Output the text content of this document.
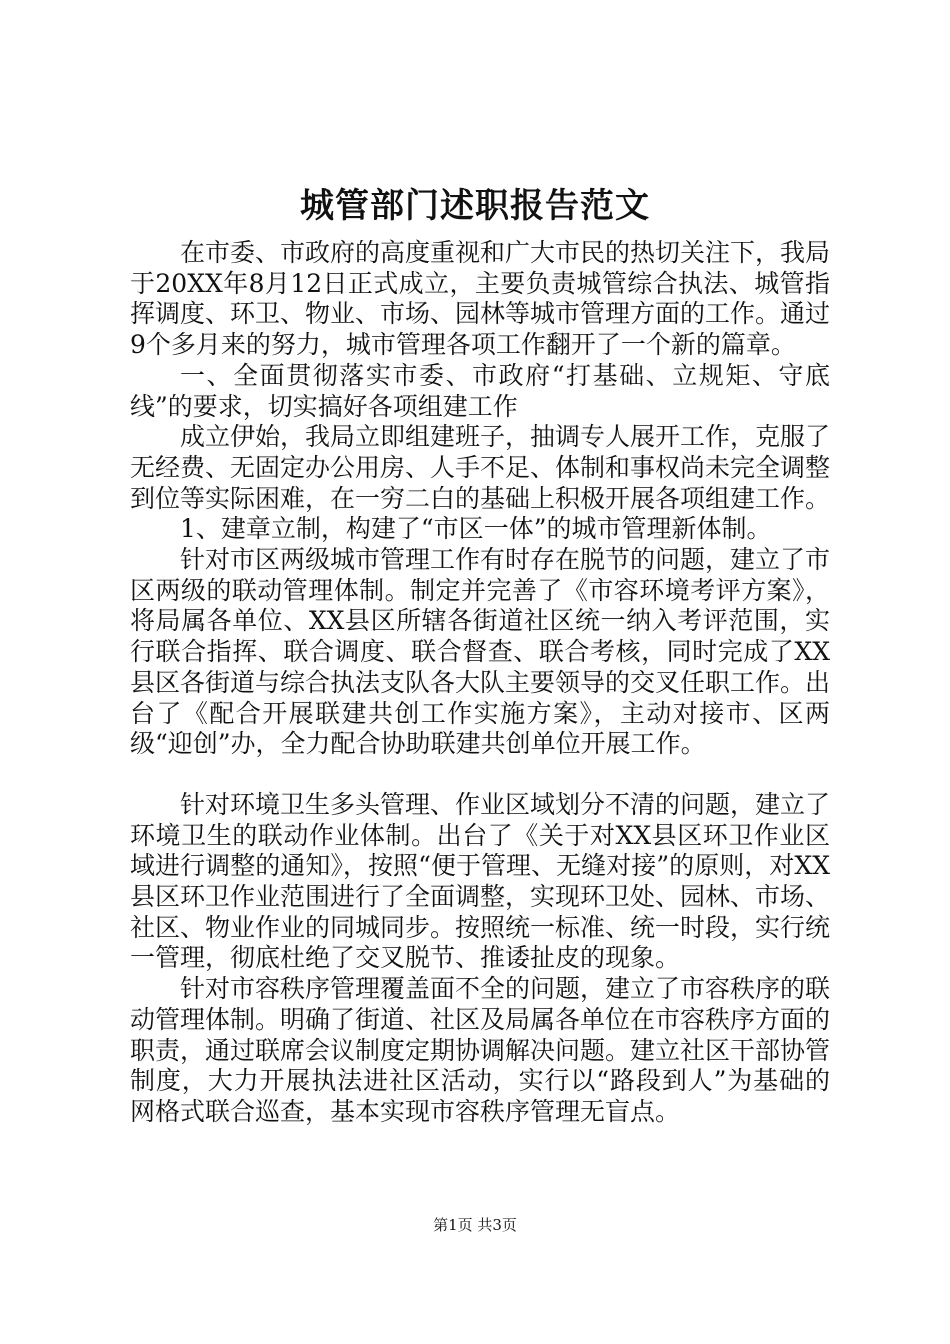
城管部门述职报告范文

在市委、市政府的高度重视和广大市民的热切关注下，我局于20XX年8月12日正式成立，主要负责城管综合执法、城管指挥调度、环卫、物业、市场、园林等城市管理方面的工作。通过9个多月来的努力，城市管理各项工作翻开了一个新的篇章。

一、全面贯彻落实市委、市政府“打基础、立规矩、守底线”的要求，切实搞好各项组建工作

成立伊始，我局立即组建班子，抽调专人展开工作，克服了无经费、无固定办公用房、人手不足、体制和事权尚未完全调整到位等实际困难，在一穷二白的基础上积极开展各项组建工作。

1、建章立制，构建了“市区一体”的城市管理新体制。

针对市区两级城市管理工作有时存在脱节的问题，建立了市区两级的联动管理体制。制定并完善了《市容环境考评方案》，将局属各单位、XX县区所辖各街道社区统一纳入考评范围，实行联合指挥、联合调度、联合督查、联合考核，同时完成了XX县区各街道与综合执法支队各大队主要领导的交叉任职工作。出台了《配合开展联建共创工作实施方案》，主动对接市、区两级“迎创”办，全力配合协助联建共创单位开展工作。

针对环境卫生多头管理、作业区域划分不清的问题，建立了环境卫生的联动作业体制。出台了《关于对XX县区环卫作业区域进行调整的通知》，按照“便于管理、无缝对接”的原则，对XX县区环卫作业范围进行了全面调整，实现环卫处、园林、市场、社区、物业作业的同城同步。按照统一标准、统一时段，实行统一管理，彻底杜绝了交叉脱节、推诿扯皮的现象。

针对市容秩序管理覆盖面不全的问题，建立了市容秩序的联动管理体制。明确了街道、社区及局属各单位在市容秩序方面的职责，通过联席会议制度定期协调解决问题。建立社区干部协管制度，大力开展执法进社区活动，实行以“路段到人”为基础的网格式联合巡查，基本实现市容秩序管理无盲点。

第1页 共3页
